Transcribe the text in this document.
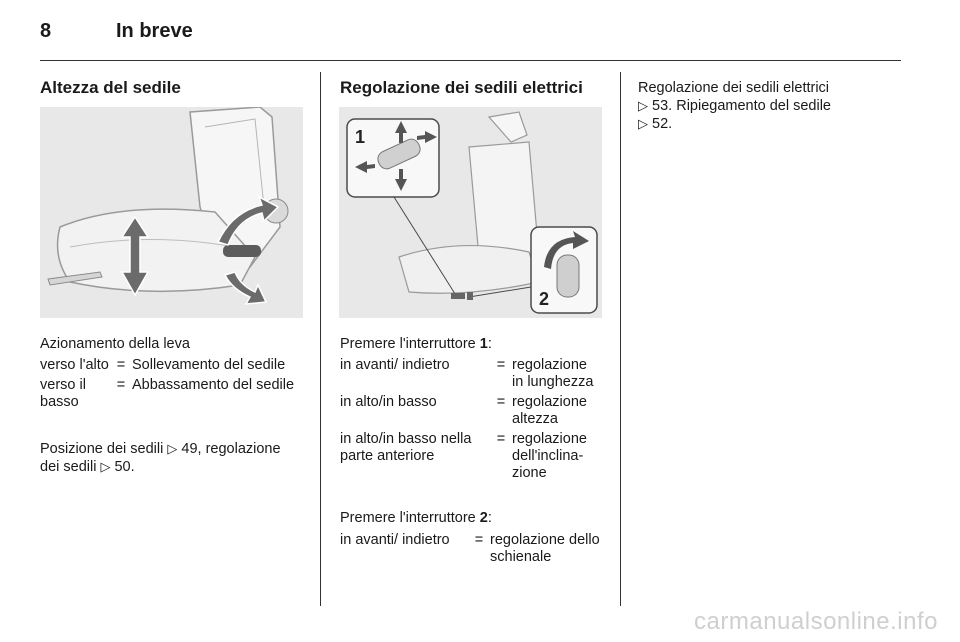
8	In breve
Altezza del sedile
Azionamento della leva
verso l'alto	=	Sollevamento del sedile
verso il basso	=	Abbassamento del sedile
Posizione dei sedili ▷ 49, regolazione dei sedili ▷ 50.
Regolazione dei sedili elettrici
1
2
Premere l'interruttore 1:
in avanti/ indietro	=	regolazione in lunghezza
in alto/in basso	=	regolazione altezza
in alto/in basso nella parte anteriore	=	regolazione dell'inclinazione
Premere l'interruttore 2:
in avanti/ indietro	=	regolazione dello schienale
Regolazione dei sedili elettrici
▷ 53. Ripiegamento del sedile
▷ 52.
carmanualsonline.info
